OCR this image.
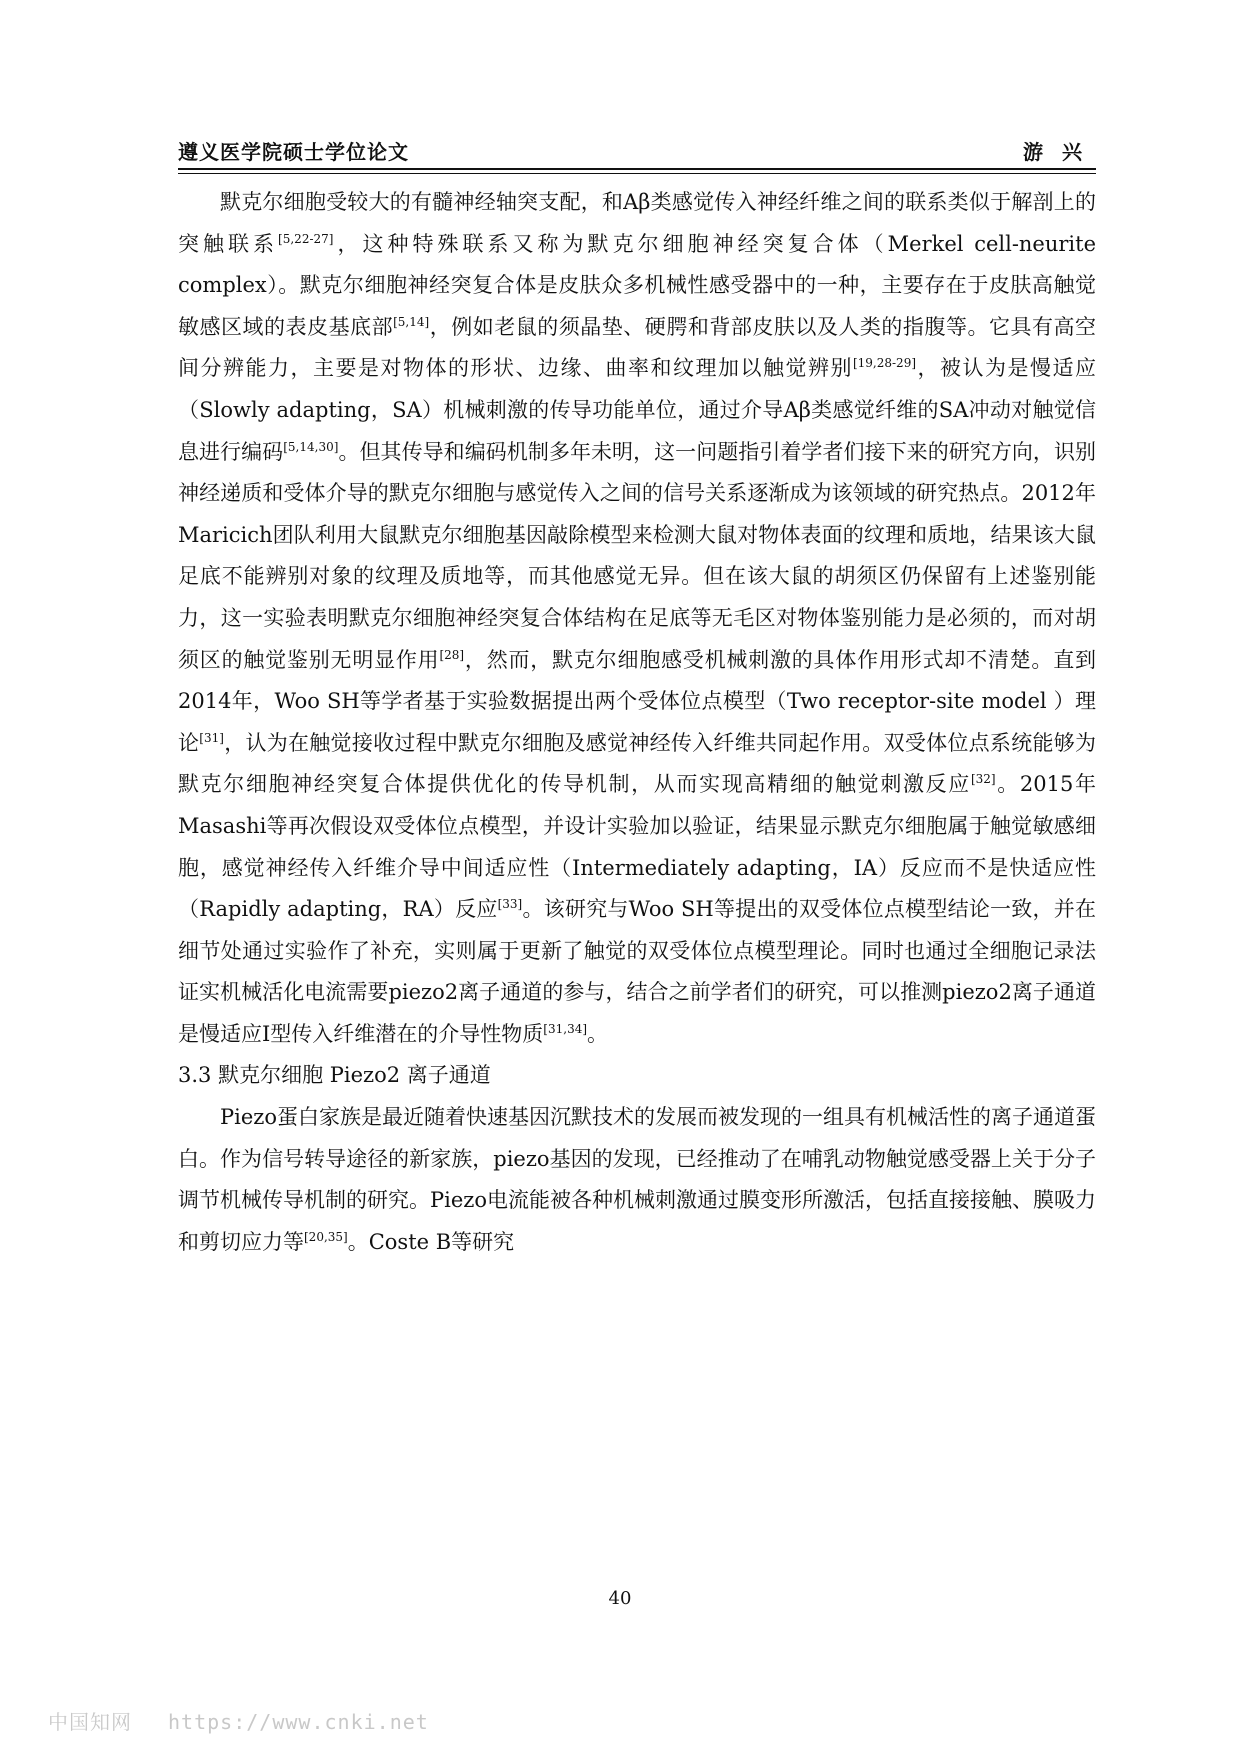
遵义医学院硕士学位论文	游 兴

默克尔细胞受较大的有髓神经轴突支配，和Aβ类感觉传入神经纤维之间的联系类似于解剖上的突触联系[5,22-27]，这种特殊联系又称为默克尔细胞神经突复合体（Merkel cell-neurite complex）。默克尔细胞神经突复合体是皮肤众多机械性感受器中的一种，主要存在于皮肤高触觉敏感区域的表皮基底部[5,14]，例如老鼠的须晶垫、硬腭和背部皮肤以及人类的指腹等。它具有高空间分辨能力，主要是对物体的形状、边缘、曲率和纹理加以触觉辨别[19,28-29]，被认为是慢适应（Slowly adapting，SA）机械刺激的传导功能单位，通过介导Aβ类感觉纤维的SA冲动对触觉信息进行编码[5,14,30]。但其传导和编码机制多年未明，这一问题指引着学者们接下来的研究方向，识别神经递质和受体介导的默克尔细胞与感觉传入之间的信号关系逐渐成为该领域的研究热点。2012年Maricich团队利用大鼠默克尔细胞基因敲除模型来检测大鼠对物体表面的纹理和质地，结果该大鼠足底不能辨别对象的纹理及质地等，而其他感觉无异。但在该大鼠的胡须区仍保留有上述鉴别能力，这一实验表明默克尔细胞神经突复合体结构在足底等无毛区对物体鉴别能力是必须的，而对胡须区的触觉鉴别无明显作用[28]，然而，默克尔细胞感受机械刺激的具体作用形式却不清楚。直到2014年，Woo SH等学者基于实验数据提出两个受体位点模型（Two receptor-site model ）理论[31]，认为在触觉接收过程中默克尔细胞及感觉神经传入纤维共同起作用。双受体位点系统能够为默克尔细胞神经突复合体提供优化的传导机制，从而实现高精细的触觉刺激反应[32]。2015年Masashi等再次假设双受体位点模型，并设计实验加以验证，结果显示默克尔细胞属于触觉敏感细胞，感觉神经传入纤维介导中间适应性（Intermediately adapting，IA）反应而不是快适应性（Rapidly adapting，RA）反应[33]。该研究与Woo SH等提出的双受体位点模型结论一致，并在细节处通过实验作了补充，实则属于更新了触觉的双受体位点模型理论。同时也通过全细胞记录法证实机械活化电流需要piezo2离子通道的参与，结合之前学者们的研究，可以推测piezo2离子通道是慢适应I型传入纤维潜在的介导性物质[31,34]。

3.3 默克尔细胞 Piezo2 离子通道

Piezo蛋白家族是最近随着快速基因沉默技术的发展而被发现的一组具有机械活性的离子通道蛋白。作为信号转导途径的新家族，piezo基因的发现，已经推动了在哺乳动物触觉感受器上关于分子调节机械传导机制的研究。Piezo电流能被各种机械刺激通过膜变形所激活，包括直接接触、膜吸力和剪切应力等[20,35]。Coste B等研究

40
中国知网 https://www.cnki.net
